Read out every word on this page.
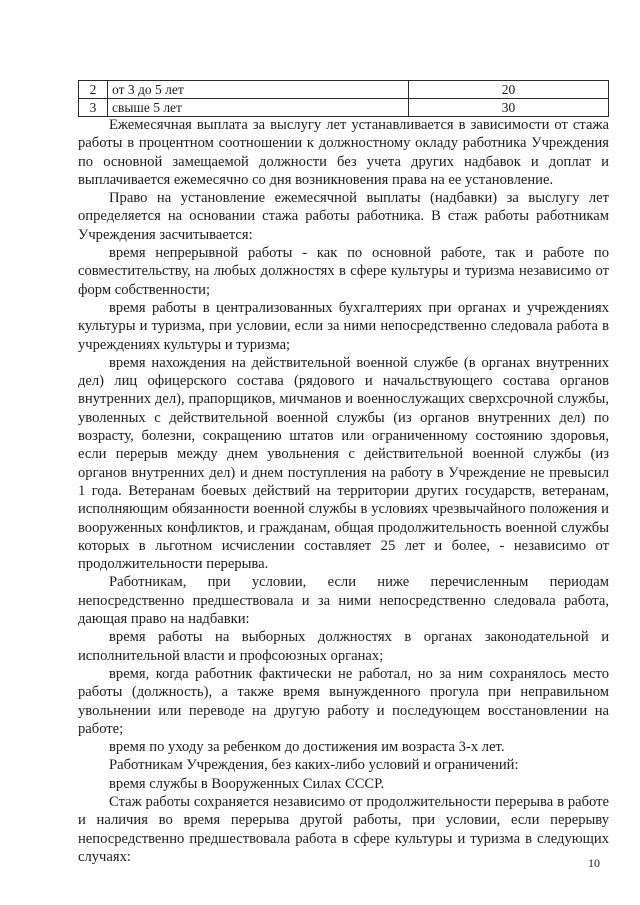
2	от 3 до 5 лет	20
3	свыше 5 лет	30

Ежемесячная выплата за выслугу лет устанавливается в зависимости от стажа работы в процентном соотношении к должностному окладу работника Учреждения по основной замещаемой должности без учета других надбавок и доплат и выплачивается ежемесячно со дня возникновения права на ее установление.

Право на установление ежемесячной выплаты (надбавки) за выслугу лет определяется на основании стажа работы работника. В стаж работы работникам Учреждения засчитывается:

время непрерывной работы - как по основной работе, так и работе по совместительству, на любых должностях в сфере культуры и туризма независимо от форм собственности;

время работы в централизованных бухгалтериях при органах и учреждениях культуры и туризма, при условии, если за ними непосредственно следовала работа в учреждениях культуры и туризма;

время нахождения на действительной военной службе (в органах внутренних дел) лиц офицерского состава (рядового и начальствующего состава органов внутренних дел), прапорщиков, мичманов и военнослужащих сверхсрочной службы, уволенных с действительной военной службы (из органов внутренних дел) по возрасту, болезни, сокращению штатов или ограниченному состоянию здоровья, если перерыв между днем увольнения с действительной военной службы (из органов внутренних дел) и днем поступления на работу в Учреждение не превысил 1 года. Ветеранам боевых действий на территории других государств, ветеранам, исполняющим обязанности военной службы в условиях чрезвычайного положения и вооруженных конфликтов, и гражданам, общая продолжительность военной службы которых в льготном исчислении составляет 25 лет и более, - независимо от продолжительности перерыва.

Работникам, при условии, если ниже перечисленным периодам непосредственно предшествовала и за ними непосредственно следовала работа, дающая право на надбавки:

время работы на выборных должностях в органах законодательной и исполнительной власти и профсоюзных органах;

время, когда работник фактически не работал, но за ним сохранялось место работы (должность), а также время вынужденного прогула при неправильном увольнении или переводе на другую работу и последующем восстановлении на работе;

время по уходу за ребенком до достижения им возраста 3-х лет.

Работникам Учреждения, без каких-либо условий и ограничений:

время службы в Вооруженных Силах СССР.

Стаж работы сохраняется независимо от продолжительности перерыва в работе и наличия во время перерыва другой работы, при условии, если перерыву непосредственно предшествовала работа в сфере культуры и туризма в следующих случаях:	10
